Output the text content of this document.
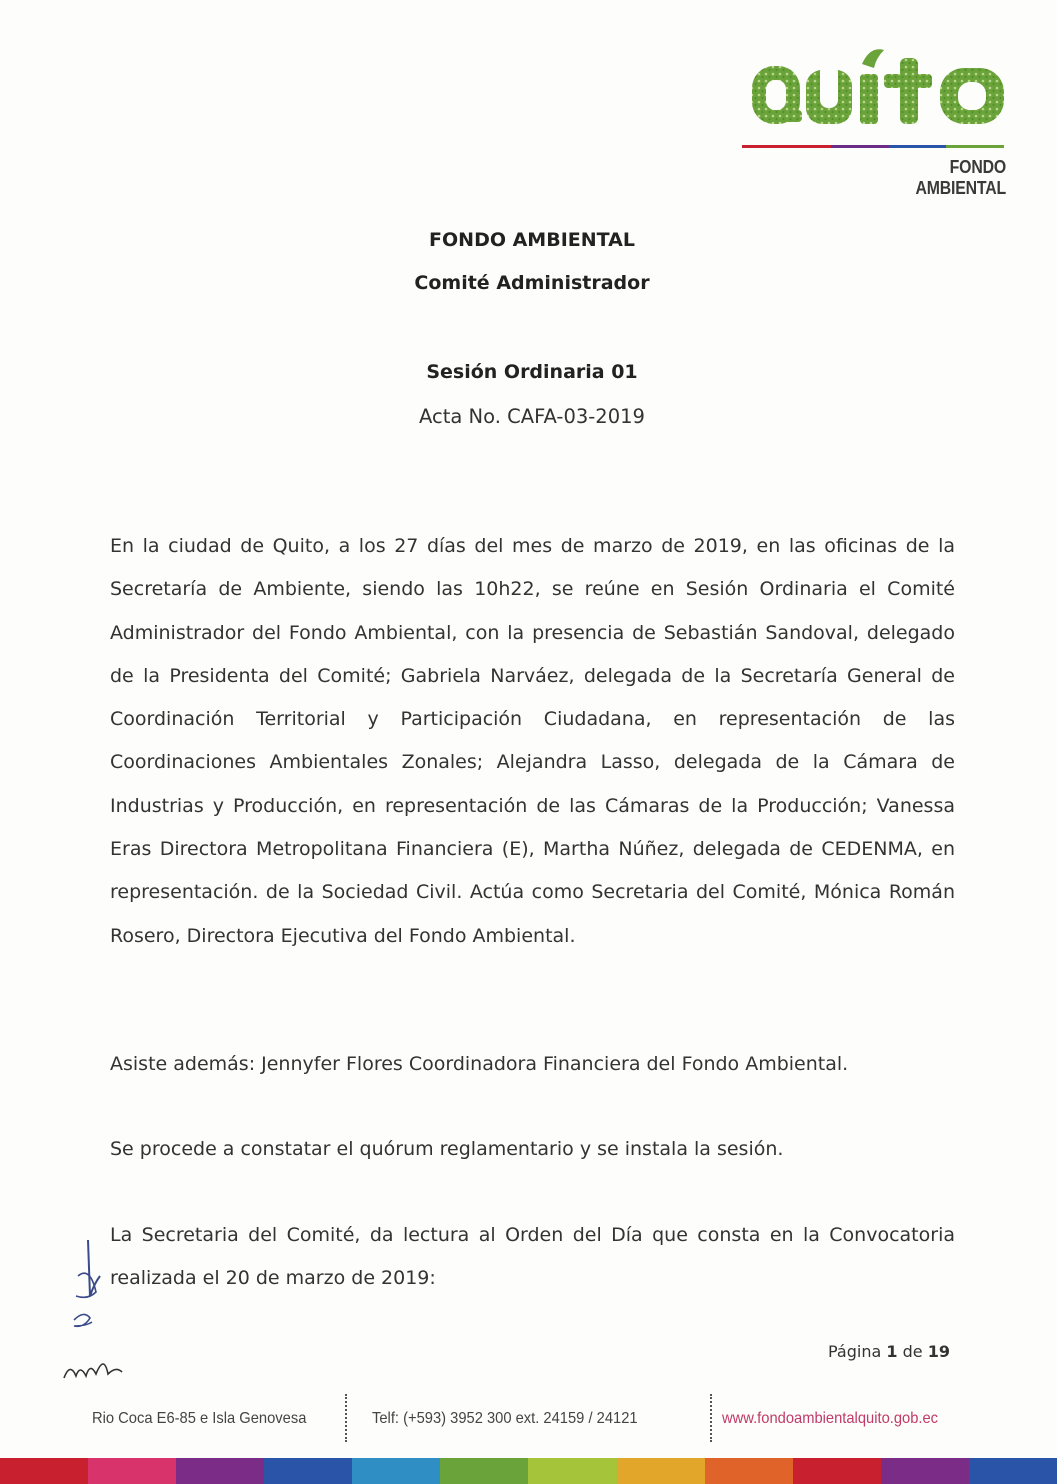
FONDO AMBIENTAL
FONDO AMBIENTAL
Comité Administrador
Sesión Ordinaria 01
Acta No. CAFA-03-2019

En la ciudad de Quito, a los 27 días del mes de marzo de 2019, en las oficinas de la Secretaría de Ambiente, siendo las 10h22, se reúne en Sesión Ordinaria el Comité Administrador del Fondo Ambiental, con la presencia de Sebastián Sandoval, delegado de la Presidenta del Comité; Gabriela Narváez, delegada de la Secretaría General de Coordinación Territorial y Participación Ciudadana, en representación de las Coordinaciones Ambientales Zonales; Alejandra Lasso, delegada de la Cámara de Industrias y Producción, en representación de las Cámaras de la Producción; Vanessa Eras Directora Metropolitana Financiera (E), Martha Núñez, delegada de CEDENMA, en representación. de la Sociedad Civil. Actúa como Secretaria del Comité, Mónica Román Rosero, Directora Ejecutiva del Fondo Ambiental.

Asiste además: Jennyfer Flores Coordinadora Financiera del Fondo Ambiental.

Se procede a constatar el quórum reglamentario y se instala la sesión.

La Secretaria del Comité, da lectura al Orden del Día que consta en la Convocatoria realizada el 20 de marzo de 2019:

Página 1 de 19
Rio Coca E6-85 e Isla Genovesa	Telf: (+593) 3952 300 ext. 24159 / 24121	www.fondoambientalquito.gob.ec
